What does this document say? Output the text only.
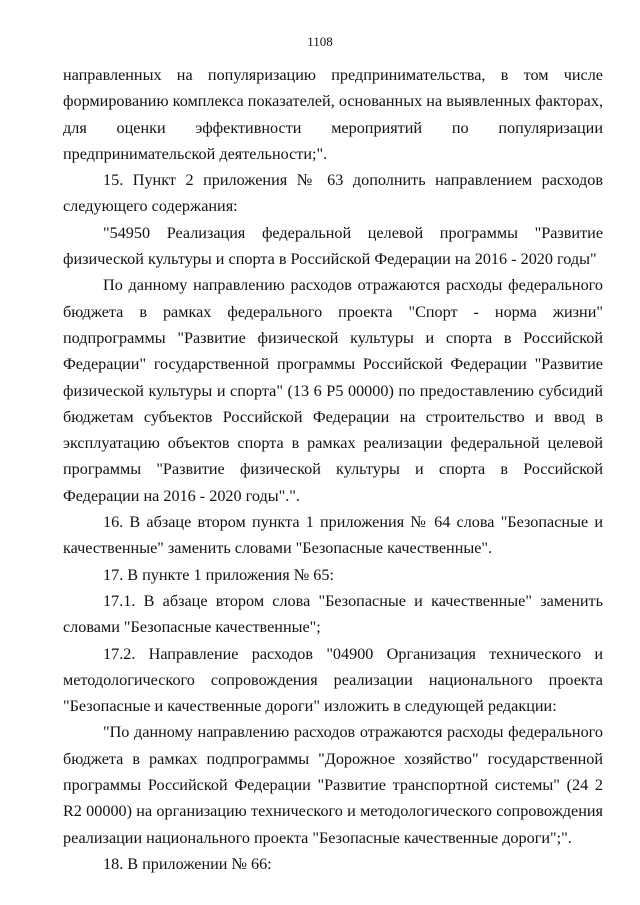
1108

направленных на популяризацию предпринимательства, в том числе формированию комплекса показателей, основанных на выявленных факторах, для оценки эффективности мероприятий по популяризации предпринимательской деятельности;".

15. Пункт 2 приложения № 63 дополнить направлением расходов следующего содержания:

"54950 Реализация федеральной целевой программы "Развитие физической культуры и спорта в Российской Федерации на 2016 - 2020 годы"

По данному направлению расходов отражаются расходы федерального бюджета в рамках федерального проекта "Спорт - норма жизни" подпрограммы "Развитие физической культуры и спорта в Российской Федерации" государственной программы Российской Федерации "Развитие физической культуры и спорта" (13 6 Р5 00000) по предоставлению субсидий бюджетам субъектов Российской Федерации на строительство и ввод в эксплуатацию объектов спорта в рамках реализации федеральной целевой программы "Развитие физической культуры и спорта в Российской Федерации на 2016 - 2020 годы".".

16. В абзаце втором пункта 1 приложения № 64 слова "Безопасные и качественные" заменить словами "Безопасные качественные".

17. В пункте 1 приложения № 65:

17.1. В абзаце втором слова "Безопасные и качественные" заменить словами "Безопасные качественные";

17.2. Направление расходов "04900 Организация технического и методологического сопровождения реализации национального проекта "Безопасные и качественные дороги" изложить в следующей редакции:

"По данному направлению расходов отражаются расходы федерального бюджета в рамках подпрограммы "Дорожное хозяйство" государственной программы Российской Федерации "Развитие транспортной системы" (24 2 R2 00000) на организацию технического и методологического сопровождения реализации национального проекта "Безопасные качественные дороги";".

18. В приложении № 66:
